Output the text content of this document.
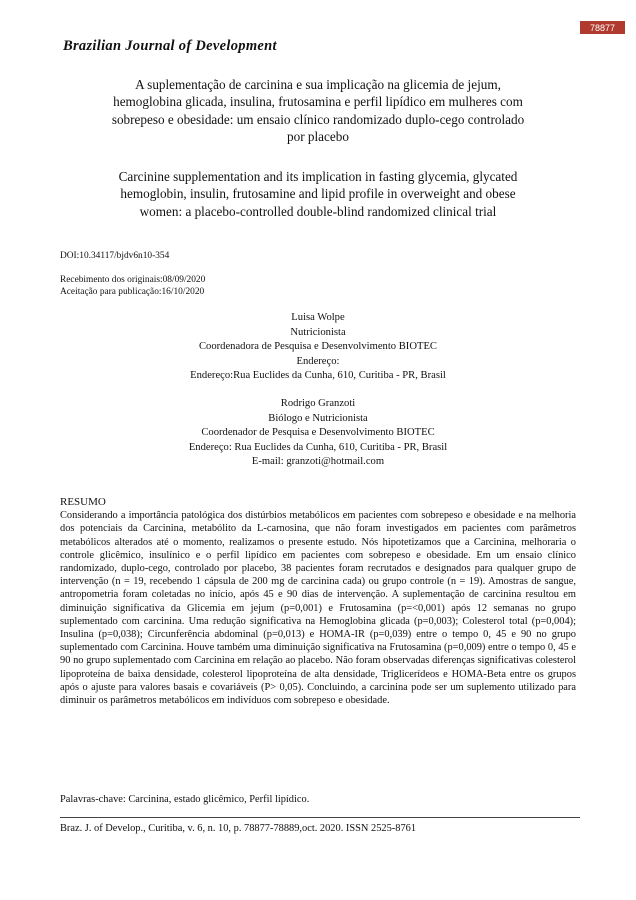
78877
Brazilian Journal of Development
A suplementação de carcinina e sua implicação na glicemia de jejum,
hemoglobina glicada, insulina, frutosamina e perfil lipídico em mulheres com
sobrepeso e obesidade: um ensaio clínico randomizado duplo-cego controlado
por placebo
Carcinine supplementation and its implication in fasting glycemia, glycated
hemoglobin, insulin, frutosamine and lipid profile in overweight and obese
women: a placebo-controlled double-blind randomized clinical trial
DOI:10.34117/bjdv6n10-354
Recebimento dos originais:08/09/2020
Aceitação para publicação:16/10/2020
Luisa Wolpe
Nutricionista
Coordenadora de Pesquisa e Desenvolvimento BIOTEC
Endereço:
Endereço:Rua Euclides da Cunha, 610, Curitiba - PR, Brasil
Rodrigo Granzoti
Biólogo e Nutricionista
Coordenador de Pesquisa e Desenvolvimento BIOTEC
Endereço: Rua Euclides da Cunha, 610, Curitiba - PR, Brasil
E-mail: granzoti@hotmail.com
RESUMO

Considerando a importância patológica dos distúrbios metabólicos em pacientes com sobrepeso e obesidade e na melhoria dos potenciais da Carcinina, metabólito da L-carnosina, que não foram investigados em pacientes com parâmetros metabólicos alterados até o momento, realizamos o presente estudo. Nós hipotetizamos que a Carcinina, melhoraria o controle glicêmico, insulínico e o perfil lipídico em pacientes com sobrepeso e obesidade. Em um ensaio clínico randomizado, duplo-cego, controlado por placebo, 38 pacientes foram recrutados e designados para qualquer grupo de intervenção (n = 19, recebendo 1 cápsula de 200 mg de carcinina cada) ou grupo controle (n = 19). Amostras de sangue, antropometria foram coletadas no início, após 45 e 90 dias de intervenção. A suplementação de carcinina resultou em diminuição significativa da Glicemia em jejum (p=0,001) e Frutosamina (p=<0,001) após 12 semanas no grupo suplementado com carcinina. Uma redução significativa na Hemoglobina glicada (p=0,003); Colesterol total (p=0,004); Insulina (p=0,038); Circunferência abdominal (p=0,013) e HOMA-IR (p=0,039) entre o tempo 0, 45 e 90 no grupo suplementado com Carcinina. Houve também uma diminuição significativa na Frutosamina (p=0,009) entre o tempo 0, 45 e 90 no grupo suplementado com Carcinina em relação ao placebo. Não foram observadas diferenças significativas colesterol lipoproteína de baixa densidade, colesterol lipoproteína de alta densidade, Triglicerídeos e HOMA-Beta entre os grupos após o ajuste para valores basais e covariáveis (P> 0,05). Concluindo, a carcinina pode ser um suplemento utilizado para diminuir os parâmetros metabólicos em indivíduos com sobrepeso e obesidade.

Palavras-chave: Carcinina, estado glicêmico, Perfil lipídico.
Braz. J. of Develop., Curitiba, v. 6, n. 10, p. 78877-78889,oct. 2020. ISSN 2525-8761
